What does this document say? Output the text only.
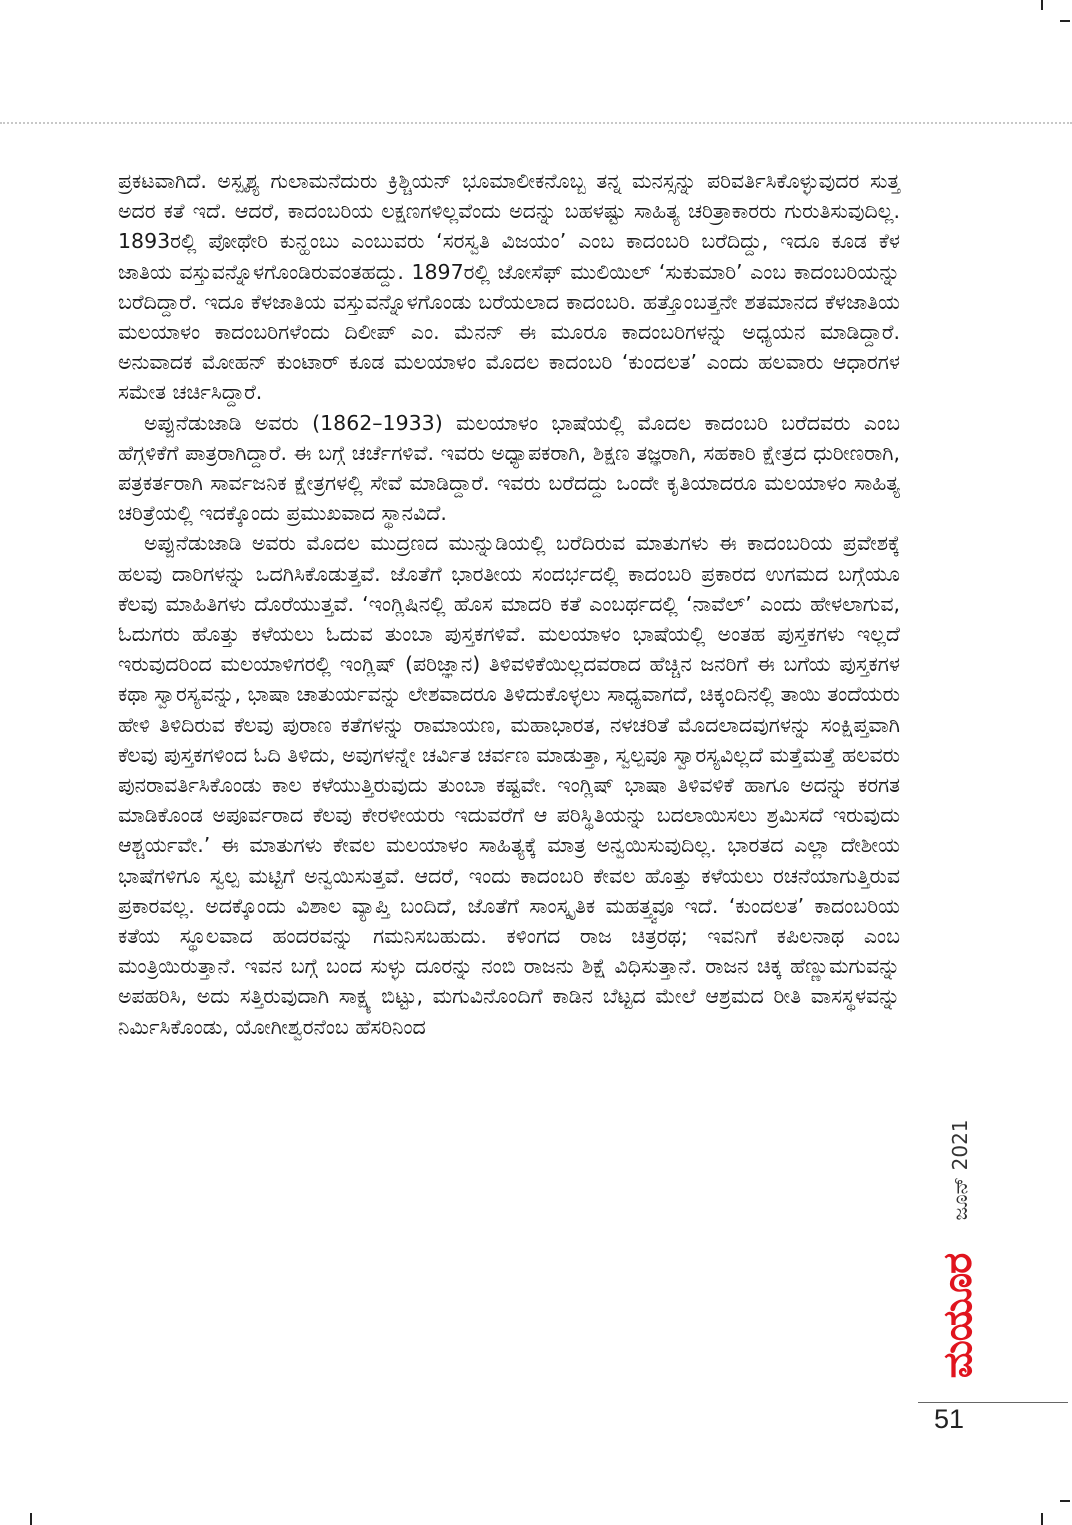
ಪ್ರಕಟವಾಗಿದೆ. ಅಸ್ಪೃಶ್ಯ ಗುಲಾಮನೆದುರು ಕ್ರಿಶ್ಚಿಯನ್ ಭೂಮಾಲೀಕನೊಬ್ಬ ತನ್ನ ಮನಸ್ಸನ್ನು ಪರಿವರ್ತಿಸಿಕೊಳ್ಳುವುದರ ಸುತ್ತ ಅದರ ಕತೆ ಇದೆ. ಆದರೆ, ಕಾದಂಬರಿಯ ಲಕ್ಷಣಗಳಿಲ್ಲವೆಂದು ಅದನ್ನು ಬಹಳಷ್ಟು ಸಾಹಿತ್ಯ ಚರಿತ್ರಾಕಾರರು ಗುರುತಿಸುವುದಿಲ್ಲ. 1893ರಲ್ಲಿ ಪೋಥೇರಿ ಕುನ್ಹಂಬು ಎಂಬುವರು ‘ಸರಸ್ವತಿ ವಿಜಯಂ’ ಎಂಬ ಕಾದಂಬರಿ ಬರೆದಿದ್ದು, ಇದೂ ಕೂಡ ಕೆಳ ಜಾತಿಯ ವಸ್ತುವನ್ನೊಳಗೊಂಡಿರುವಂತಹದ್ದು. 1897ರಲ್ಲಿ ಜೋಸೆಫ್ ಮುಲಿಯಿಲ್ ‘ಸುಕುಮಾರಿ’ ಎಂಬ ಕಾದಂಬರಿಯನ್ನು ಬರೆದಿದ್ದಾರೆ. ಇದೂ ಕೆಳಜಾತಿಯ ವಸ್ತುವನ್ನೊಳಗೊಂಡು ಬರೆಯಲಾದ ಕಾದಂಬರಿ. ಹತ್ತೊಂಬತ್ತನೇ ಶತಮಾನದ ಕೆಳಜಾತಿಯ ಮಲಯಾಳಂ ಕಾದಂಬರಿಗಳೆಂದು ದಿಲೀಪ್ ಎಂ. ಮೆನನ್ ಈ ಮೂರೂ ಕಾದಂಬರಿಗಳನ್ನು ಅಧ್ಯಯನ ಮಾಡಿದ್ದಾರೆ. ಅನುವಾದಕ ಮೋಹನ್ ಕುಂಟಾರ್ ಕೂಡ ಮಲಯಾಳಂ ಮೊದಲ ಕಾದಂಬರಿ ‘ಕುಂದಲತ’ ಎಂದು ಹಲವಾರು ಆಧಾರಗಳ ಸಮೇತ ಚರ್ಚಿಸಿದ್ದಾರೆ.

ಅಪ್ಪುನೆಡುಜಾಡಿ ಅವರು (1862–1933) ಮಲಯಾಳಂ ಭಾಷೆಯಲ್ಲಿ ಮೊದಲ ಕಾದಂಬರಿ ಬರೆದವರು ಎಂಬ ಹೆಗ್ಗಳಿಕೆಗೆ ಪಾತ್ರರಾಗಿದ್ದಾರೆ. ಈ ಬಗ್ಗೆ ಚರ್ಚೆಗಳಿವೆ. ಇವರು ಅಧ್ಯಾಪಕರಾಗಿ, ಶಿಕ್ಷಣ ತಜ್ಞರಾಗಿ, ಸಹಕಾರಿ ಕ್ಷೇತ್ರದ ಧುರೀಣರಾಗಿ, ಪತ್ರಕರ್ತರಾಗಿ ಸಾರ್ವಜನಿಕ ಕ್ಷೇತ್ರಗಳಲ್ಲಿ ಸೇವೆ ಮಾಡಿದ್ದಾರೆ. ಇವರು ಬರೆದದ್ದು ಒಂದೇ ಕೃತಿಯಾದರೂ ಮಲಯಾಳಂ ಸಾಹಿತ್ಯ ಚರಿತ್ರೆಯಲ್ಲಿ ಇದಕ್ಕೊಂದು ಪ್ರಮುಖವಾದ ಸ್ಥಾನವಿದೆ.

ಅಪ್ಪುನೆಡುಜಾಡಿ ಅವರು ಮೊದಲ ಮುದ್ರಣದ ಮುನ್ನುಡಿಯಲ್ಲಿ ಬರೆದಿರುವ ಮಾತುಗಳು ಈ ಕಾದಂಬರಿಯ ಪ್ರವೇಶಕ್ಕೆ ಹಲವು ದಾರಿಗಳನ್ನು ಒದಗಿಸಿಕೊಡುತ್ತವೆ. ಜೊತೆಗೆ ಭಾರತೀಯ ಸಂದರ್ಭದಲ್ಲಿ ಕಾದಂಬರಿ ಪ್ರಕಾರದ ಉಗಮದ ಬಗ್ಗೆಯೂ ಕೆಲವು ಮಾಹಿತಿಗಳು ದೊರೆಯುತ್ತವೆ. ‘ಇಂಗ್ಲಿಷಿನಲ್ಲಿ ಹೊಸ ಮಾದರಿ ಕತೆ ಎಂಬರ್ಥದಲ್ಲಿ ‘ನಾವೆಲ್’ ಎಂದು ಹೇಳಲಾಗುವ, ಓದುಗರು ಹೊತ್ತು ಕಳೆಯಲು ಓದುವ ತುಂಬಾ ಪುಸ್ತಕಗಳಿವೆ. ಮಲಯಾಳಂ ಭಾಷೆಯಲ್ಲಿ ಅಂತಹ ಪುಸ್ತಕಗಳು ಇಲ್ಲದೆ ಇರುವುದರಿಂದ ಮಲಯಾಳಿಗರಲ್ಲಿ ಇಂಗ್ಲಿಷ್ (ಪರಿಜ್ಞಾನ) ತಿಳಿವಳಿಕೆಯಿಲ್ಲದವರಾದ ಹೆಚ್ಚಿನ ಜನರಿಗೆ ಈ ಬಗೆಯ ಪುಸ್ತಕಗಳ ಕಥಾ ಸ್ವಾರಸ್ಯವನ್ನು, ಭಾಷಾ ಚಾತುರ್ಯವನ್ನು ಲೇಶವಾದರೂ ತಿಳಿದುಕೊಳ್ಳಲು ಸಾಧ್ಯವಾಗದೆ, ಚಿಕ್ಕಂದಿನಲ್ಲಿ ತಾಯಿ ತಂದೆಯರು ಹೇಳಿ ತಿಳಿದಿರುವ ಕೆಲವು ಪುರಾಣ ಕತೆಗಳನ್ನು ರಾಮಾಯಣ, ಮಹಾಭಾರತ, ನಳಚರಿತೆ ಮೊದಲಾದವುಗಳನ್ನು ಸಂಕ್ಷಿಪ್ತವಾಗಿ ಕೆಲವು ಪುಸ್ತಕಗಳಿಂದ ಓದಿ ತಿಳಿದು, ಅವುಗಳನ್ನೇ ಚರ್ವಿತ ಚರ್ವಣ ಮಾಡುತ್ತಾ, ಸ್ವಲ್ಪವೂ ಸ್ವಾರಸ್ಯವಿಲ್ಲದೆ ಮತ್ತೆಮತ್ತೆ ಹಲವರು ಪುನರಾವರ್ತಿಸಿಕೊಂಡು ಕಾಲ ಕಳೆಯುತ್ತಿರುವುದು ತುಂಬಾ ಕಷ್ಟವೇ. ಇಂಗ್ಲಿಷ್ ಭಾಷಾ ತಿಳಿವಳಿಕೆ ಹಾಗೂ ಅದನ್ನು ಕರಗತ ಮಾಡಿಕೊಂಡ ಅಪೂರ್ವರಾದ ಕೆಲವು ಕೇರಳೀಯರು ಇದುವರೆಗೆ ಆ ಪರಿಸ್ಥಿತಿಯನ್ನು ಬದಲಾಯಿಸಲು ಶ್ರಮಿಸದೆ ಇರುವುದು ಆಶ್ಚರ್ಯವೇ.’ ಈ ಮಾತುಗಳು ಕೇವಲ ಮಲಯಾಳಂ ಸಾಹಿತ್ಯಕ್ಕೆ ಮಾತ್ರ ಅನ್ವಯಿಸುವುದಿಲ್ಲ. ಭಾರತದ ಎಲ್ಲಾ ದೇಶೀಯ ಭಾಷೆಗಳಿಗೂ ಸ್ವಲ್ಪ ಮಟ್ಟಿಗೆ ಅನ್ವಯಿಸುತ್ತವೆ. ಆದರೆ, ಇಂದು ಕಾದಂಬರಿ ಕೇವಲ ಹೊತ್ತು ಕಳೆಯಲು ರಚನೆಯಾಗುತ್ತಿರುವ ಪ್ರಕಾರವಲ್ಲ. ಅದಕ್ಕೊಂದು ವಿಶಾಲ ವ್ಯಾಪ್ತಿ ಬಂದಿದೆ, ಜೊತೆಗೆ ಸಾಂಸ್ಕೃತಿಕ ಮಹತ್ತ್ವವೂ ಇದೆ. ‘ಕುಂದಲತ’ ಕಾದಂಬರಿಯ ಕತೆಯ ಸ್ಥೂಲವಾದ ಹಂದರವನ್ನು ಗಮನಿಸಬಹುದು. ಕಳಿಂಗದ ರಾಜ ಚಿತ್ರರಥ; ಇವನಿಗೆ ಕಪಿಲನಾಥ ಎಂಬ ಮಂತ್ರಿಯಿರುತ್ತಾನೆ. ಇವನ ಬಗ್ಗೆ ಬಂದ ಸುಳ್ಳು ದೂರನ್ನು ನಂಬಿ ರಾಜನು ಶಿಕ್ಷೆ ವಿಧಿಸುತ್ತಾನೆ. ರಾಜನ ಚಿಕ್ಕ ಹೆಣ್ಣುಮಗುವನ್ನು ಅಪಹರಿಸಿ, ಅದು ಸತ್ತಿರುವುದಾಗಿ ಸಾಕ್ಷ್ಯ ಬಿಟ್ಟು, ಮಗುವಿನೊಂದಿಗೆ ಕಾಡಿನ ಬೆಟ್ಟದ ಮೇಲೆ ಆಶ್ರಮದ ರೀತಿ ವಾಸಸ್ಥಳವನ್ನು ನಿರ್ಮಿಸಿಕೊಂಡು, ಯೋಗೀಶ್ವರನೆಂಬ ಹೆಸರಿನಿಂದ

ಜೂನ್ 2021
ಮಯೂರ
51
